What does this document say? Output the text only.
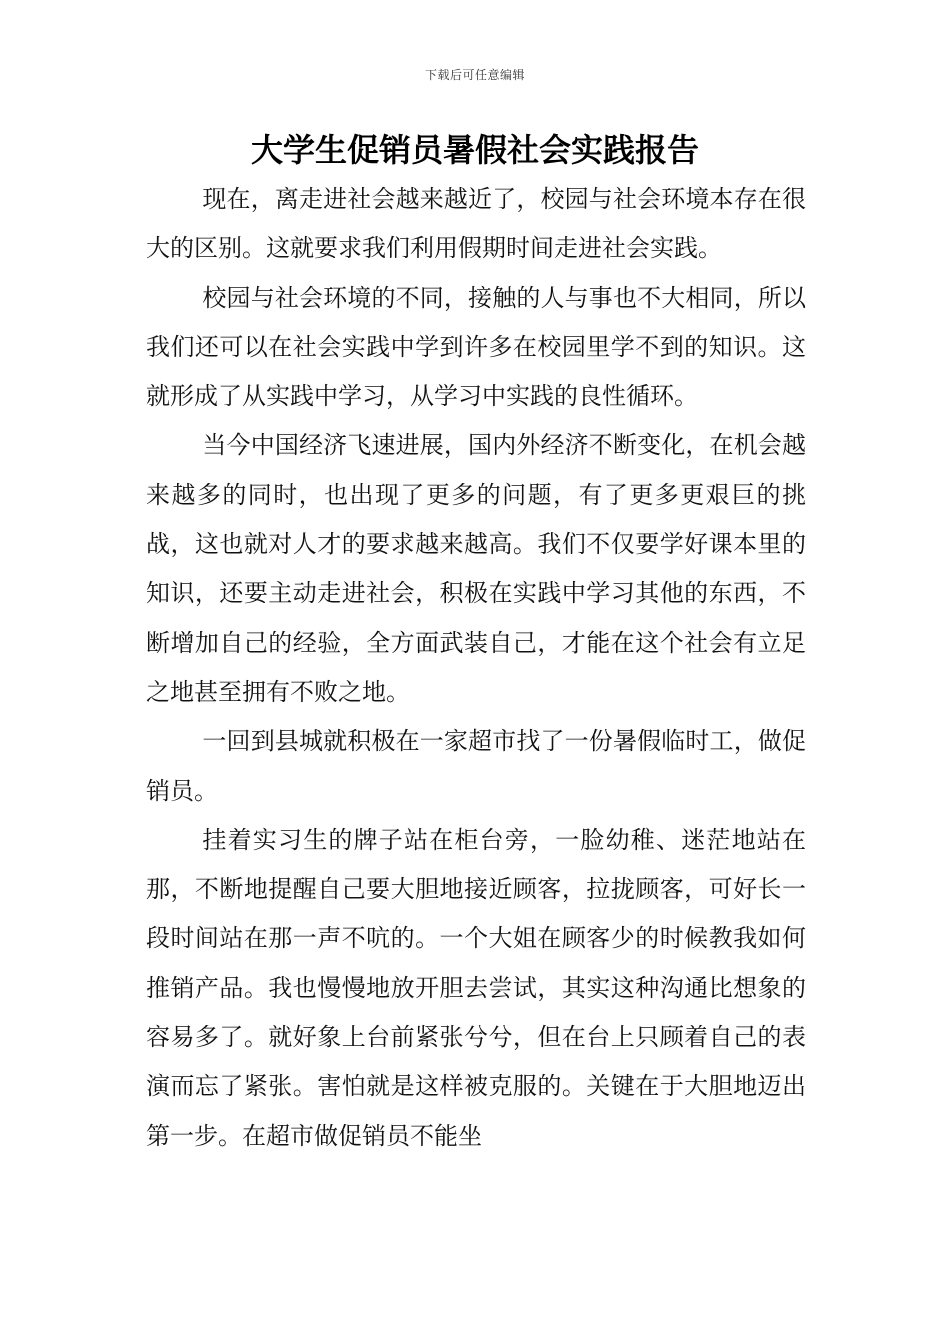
下载后可任意编辑
大学生促销员暑假社会实践报告

现在，离走进社会越来越近了，校园与社会环境本存在很大的区别。这就要求我们利用假期时间走进社会实践。

校园与社会环境的不同，接触的人与事也不大相同，所以我们还可以在社会实践中学到许多在校园里学不到的知识。这就形成了从实践中学习，从学习中实践的良性循环。

当今中国经济飞速进展，国内外经济不断变化，在机会越来越多的同时，也出现了更多的问题，有了更多更艰巨的挑战，这也就对人才的要求越来越高。我们不仅要学好课本里的知识，还要主动走进社会，积极在实践中学习其他的东西，不断增加自己的经验，全方面武装自己，才能在这个社会有立足之地甚至拥有不败之地。

一回到县城就积极在一家超市找了一份暑假临时工，做促销员。

挂着实习生的牌子站在柜台旁，一脸幼稚、迷茫地站在那，不断地提醒自己要大胆地接近顾客，拉拢顾客，可好长一段时间站在那一声不吭的。一个大姐在顾客少的时候教我如何推销产品。我也慢慢地放开胆去尝试，其实这种沟通比想象的容易多了。就好象上台前紧张兮兮，但在台上只顾着自己的表演而忘了紧张。害怕就是这样被克服的。关键在于大胆地迈出第一步。在超市做促销员不能坐
